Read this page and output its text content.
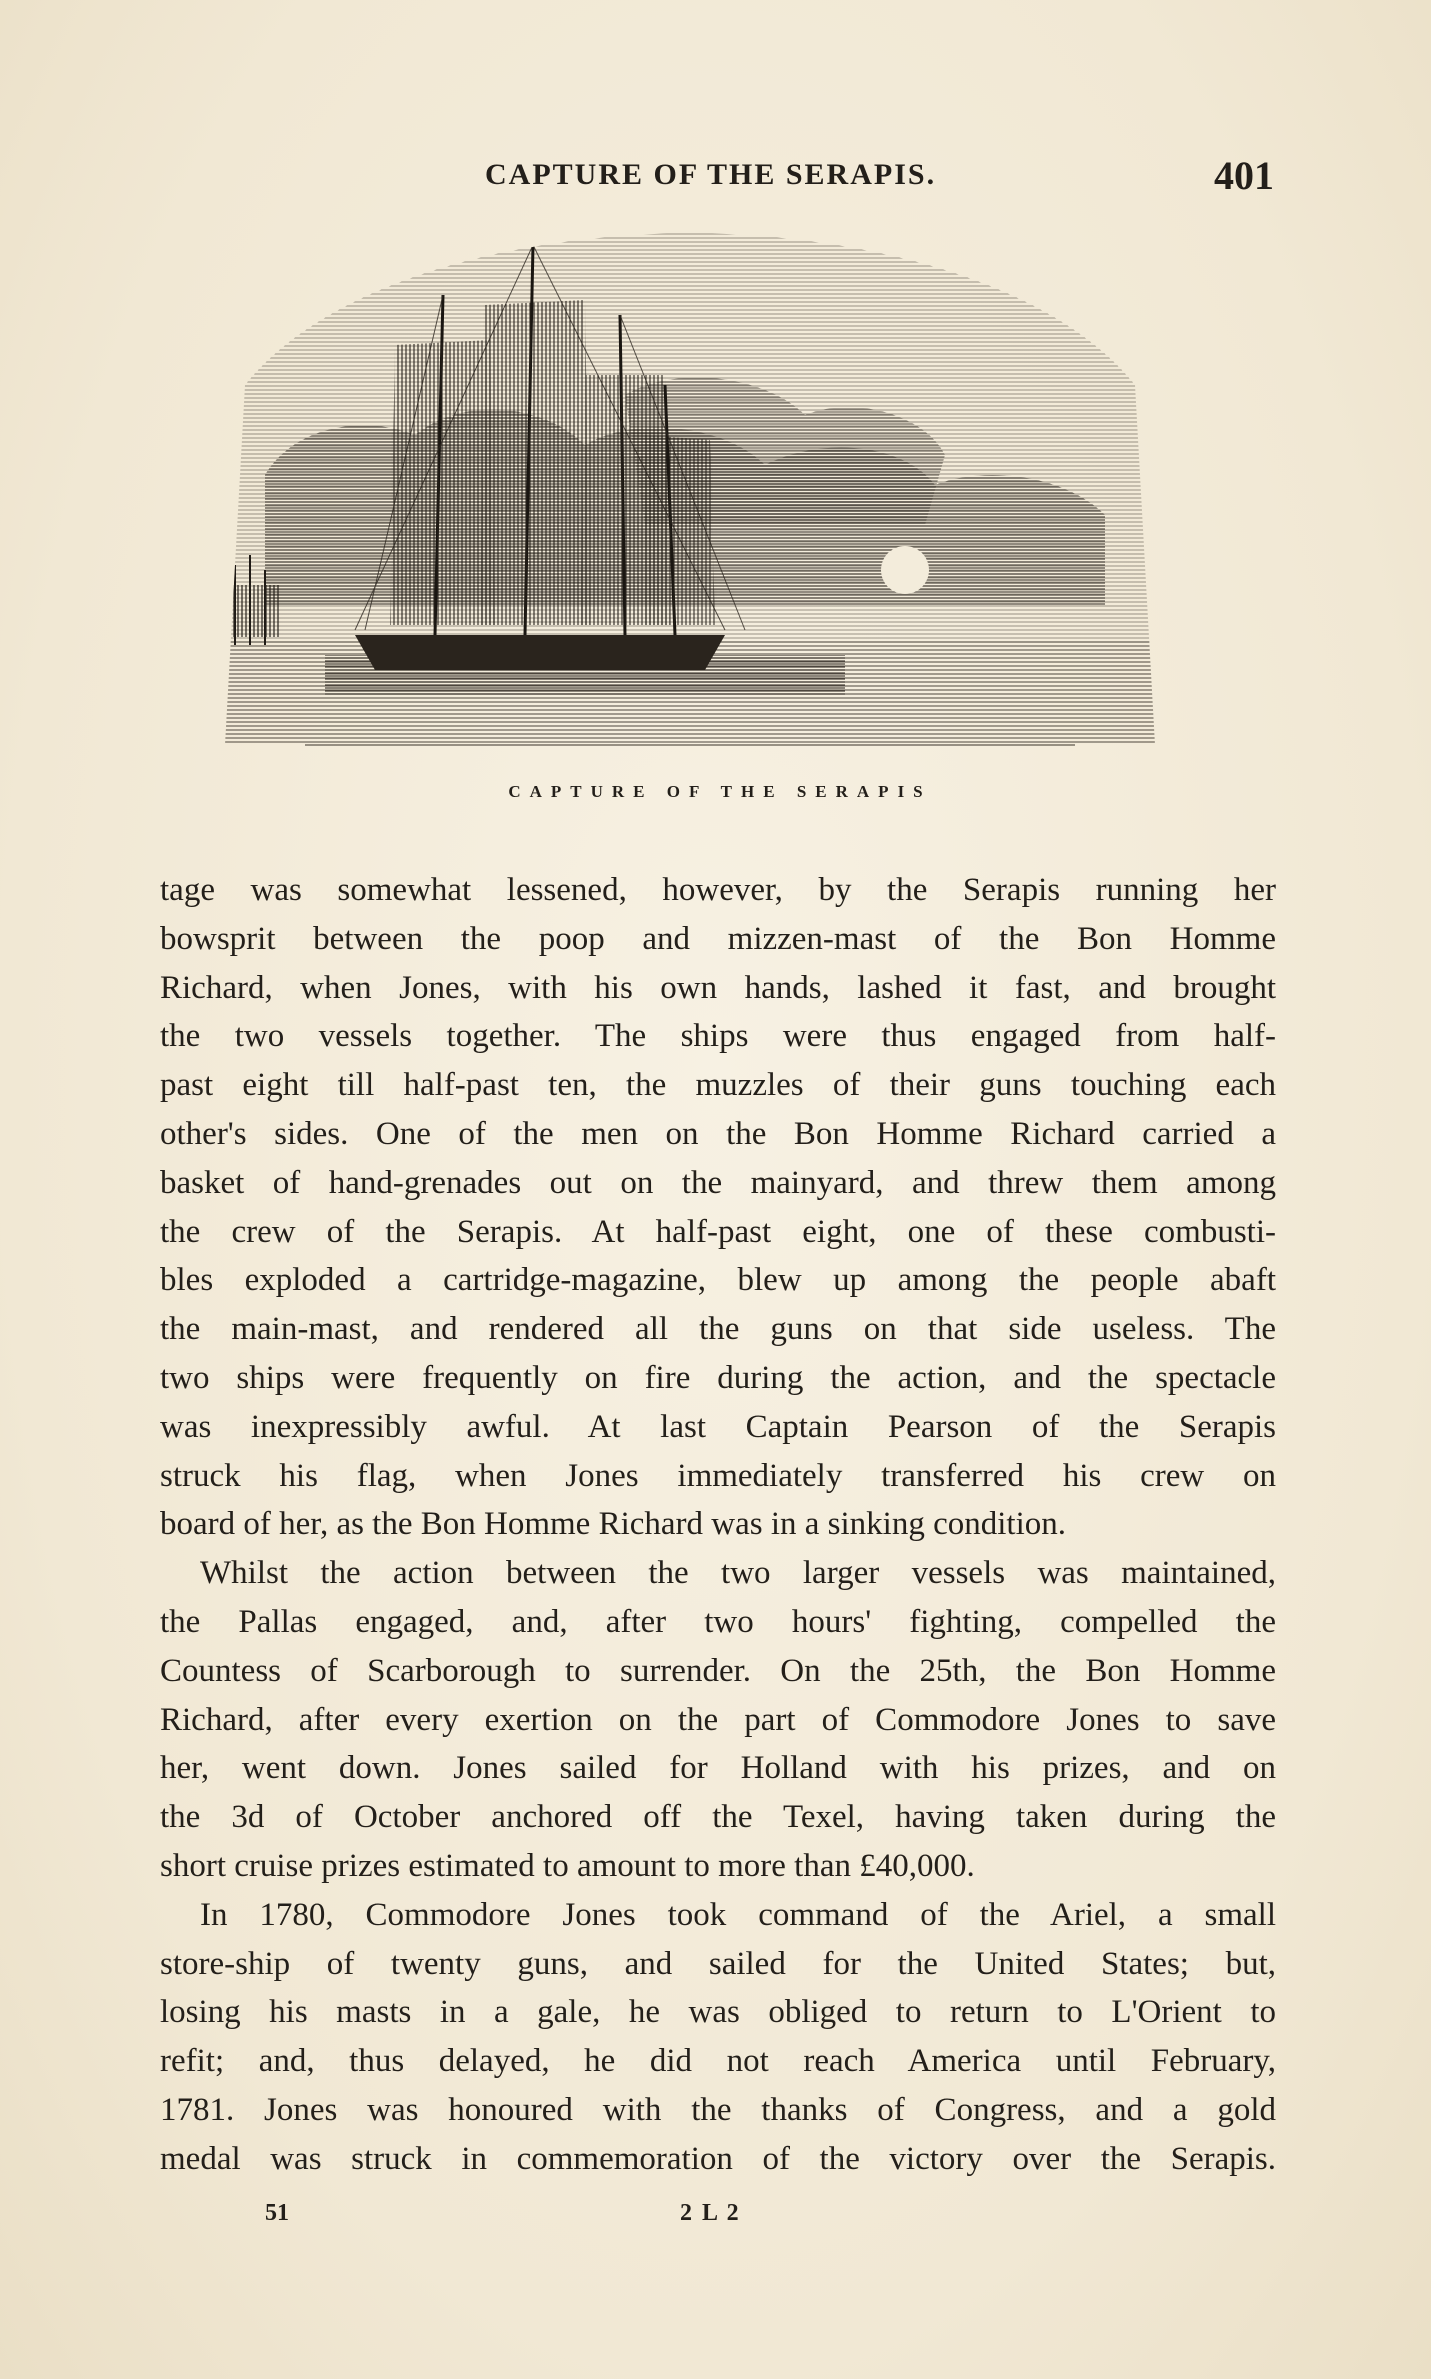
CAPTURE OF THE SERAPIS.	401
CAPTURE OF THE SERAPIS
tage was somewhat lessened, however, by the Serapis running her
bowsprit between the poop and mizzen-mast of the Bon Homme
Richard, when Jones, with his own hands, lashed it fast, and brought
the two vessels together. The ships were thus engaged from half-
past eight till half-past ten, the muzzles of their guns touching each
other's sides. One of the men on the Bon Homme Richard carried a
basket of hand-grenades out on the mainyard, and threw them among
the crew of the Serapis. At half-past eight, one of these combusti-
bles exploded a cartridge-magazine, blew up among the people abaft
the main-mast, and rendered all the guns on that side useless. The
two ships were frequently on fire during the action, and the spectacle
was inexpressibly awful. At last Captain Pearson of the Serapis
struck his flag, when Jones immediately transferred his crew on
board of her, as the Bon Homme Richard was in a sinking condition.
Whilst the action between the two larger vessels was maintained,
the Pallas engaged, and, after two hours' fighting, compelled the
Countess of Scarborough to surrender. On the 25th, the Bon Homme
Richard, after every exertion on the part of Commodore Jones to save
her, went down. Jones sailed for Holland with his prizes, and on
the 3d of October anchored off the Texel, having taken during the
short cruise prizes estimated to amount to more than £40,000.
In 1780, Commodore Jones took command of the Ariel, a small
store-ship of twenty guns, and sailed for the United States; but,
losing his masts in a gale, he was obliged to return to L'Orient to
refit; and, thus delayed, he did not reach America until February,
1781. Jones was honoured with the thanks of Congress, and a gold
medal was struck in commemoration of the victory over the Serapis.
51	2 L 2
